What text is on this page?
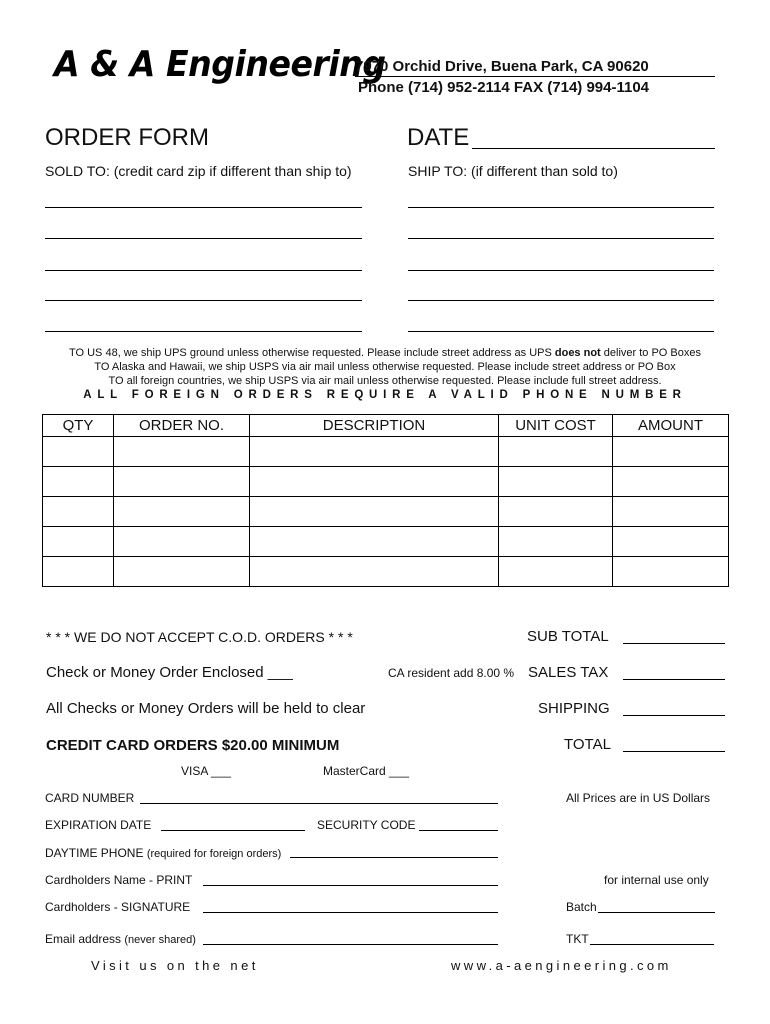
A & A Engineering
7970 Orchid Drive, Buena Park, CA 90620
Phone (714) 952-2114 FAX (714) 994-1104
ORDER FORM	DATE
SOLD TO: (credit card zip if different than ship to)	SHIP TO: (if different than sold to)
TO US 48, we ship UPS ground unless otherwise requested. Please include street address as UPS does not deliver to PO Boxes
TO Alaska and Hawaii, we ship USPS via air mail unless otherwise requested. Please include street address or PO Box
TO all foreign countries, we ship USPS via air mail unless otherwise requested. Please include full street address.
ALL FOREIGN ORDERS REQUIRE A VALID PHONE NUMBER
QTY	ORDER NO.	DESCRIPTION	UNIT COST	AMOUNT

* * * WE DO NOT ACCEPT C.O.D. ORDERS * * *	SUB TOTAL
Check or Money Order Enclosed ___	CA resident add 8.00 % SALES TAX
All Checks or Money Orders will be held to clear	SHIPPING
CREDIT CARD ORDERS $20.00 MINIMUM	TOTAL
VISA ___	MasterCard ___
CARD NUMBER	All Prices are in US Dollars
EXPIRATION DATE	SECURITY CODE
DAYTIME PHONE (required for foreign orders)
Cardholders Name - PRINT	for internal use only
Cardholders - SIGNATURE	Batch
Email address (never shared)	TKT
Visit us on the net	www.a-aengineering.com
